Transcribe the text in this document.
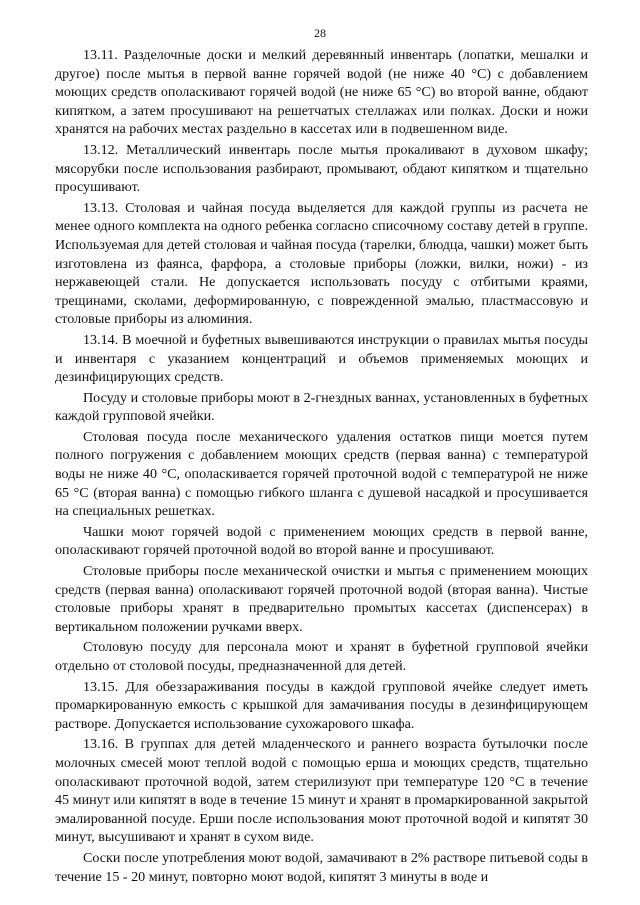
28

13.11. Разделочные доски и мелкий деревянный инвентарь (лопатки, мешалки и другое) после мытья в первой ванне горячей водой (не ниже 40 °С) с добавлением моющих средств ополаскивают горячей водой (не ниже 65 °С) во второй ванне, обдают кипятком, а затем просушивают на решетчатых стеллажах или полках. Доски и ножи хранятся на рабочих местах раздельно в кассетах или в подвешенном виде.

13.12. Металлический инвентарь после мытья прокаливают в духовом шкафу; мясорубки после использования разбирают, промывают, обдают кипятком и тщательно просушивают.

13.13. Столовая и чайная посуда выделяется для каждой группы из расчета не менее одного комплекта на одного ребенка согласно списочному составу детей в группе. Используемая для детей столовая и чайная посуда (тарелки, блюдца, чашки) может быть изготовлена из фаянса, фарфора, а столовые приборы (ложки, вилки, ножи) - из нержавеющей стали. Не допускается использовать посуду с отбитыми краями, трещинами, сколами, деформированную, с поврежденной эмалью, пластмассовую и столовые приборы из алюминия.

13.14. В моечной и буфетных вывешиваются инструкции о правилах мытья посуды и инвентаря с указанием концентраций и объемов применяемых моющих и дезинфицирующих средств.

Посуду и столовые приборы моют в 2-гнездных ваннах, установленных в буфетных каждой групповой ячейки.

Столовая посуда после механического удаления остатков пищи моется путем полного погружения с добавлением моющих средств (первая ванна) с температурой воды не ниже 40 °С, ополаскивается горячей проточной водой с температурой не ниже 65 °С (вторая ванна) с помощью гибкого шланга с душевой насадкой и просушивается на специальных решетках.

Чашки моют горячей водой с применением моющих средств в первой ванне, ополаскивают горячей проточной водой во второй ванне и просушивают.

Столовые приборы после механической очистки и мытья с применением моющих средств (первая ванна) ополаскивают горячей проточной водой (вторая ванна). Чистые столовые приборы хранят в предварительно промытых кассетах (диспенсерах) в вертикальном положении ручками вверх.

Столовую посуду для персонала моют и хранят в буфетной групповой ячейки отдельно от столовой посуды, предназначенной для детей.

13.15. Для обеззараживания посуды в каждой групповой ячейке следует иметь промаркированную емкость с крышкой для замачивания посуды в дезинфицирующем растворе. Допускается использование сухожарового шкафа.

13.16. В группах для детей младенческого и раннего возраста бутылочки после молочных смесей моют теплой водой с помощью ерша и моющих средств, тщательно ополаскивают проточной водой, затем стерилизуют при температуре 120 °С в течение 45 минут или кипятят в воде в течение 15 минут и хранят в промаркированной закрытой эмалированной посуде. Ерши после использования моют проточной водой и кипятят 30 минут, высушивают и хранят в сухом виде.

Соски после употребления моют водой, замачивают в 2% растворе питьевой соды в течение 15 - 20 минут, повторно моют водой, кипятят 3 минуты в воде и
